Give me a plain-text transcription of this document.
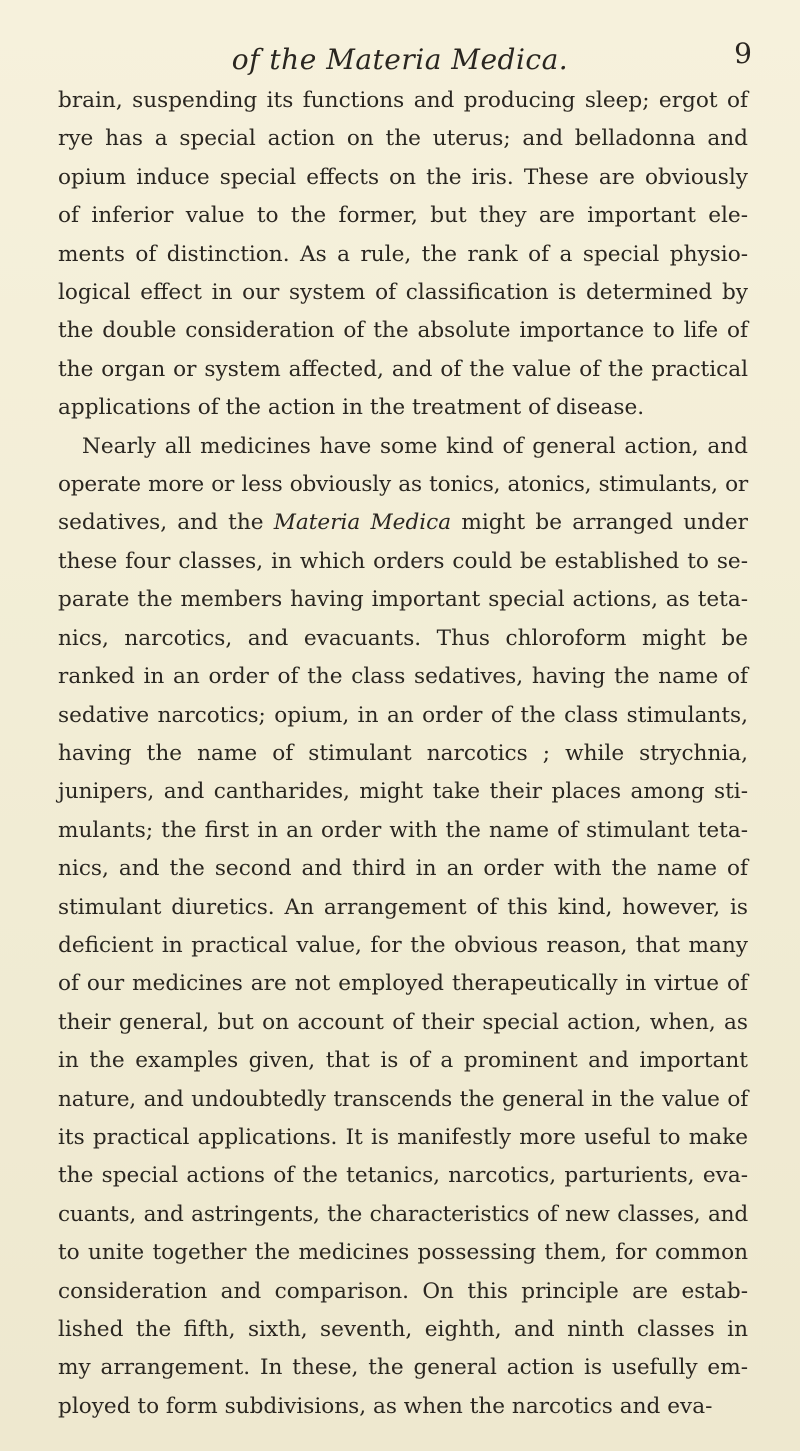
of the Materia Medica.	9

brain, suspending its functions and producing sleep; ergot of
rye has a special action on the uterus; and belladonna and
opium induce special effects on the iris. These are obviously
of inferior value to the former, but they are important ele-
ments of distinction. As a rule, the rank of a special physio-
logical effect in our system of classification is determined by
the double consideration of the absolute importance to life of
the organ or system affected, and of the value of the practical
applications of the action in the treatment of disease.

Nearly all medicines have some kind of general action, and
operate more or less obviously as tonics, atonics, stimulants, or
sedatives, and the Materia Medica might be arranged under
these four classes, in which orders could be established to se-
parate the members having important special actions, as teta-
nics, narcotics, and evacuants. Thus chloroform might be
ranked in an order of the class sedatives, having the name of
sedative narcotics; opium, in an order of the class stimulants,
having the name of stimulant narcotics ; while strychnia,
junipers, and cantharides, might take their places among sti-
mulants; the first in an order with the name of stimulant teta-
nics, and the second and third in an order with the name of
stimulant diuretics. An arrangement of this kind, however, is
deficient in practical value, for the obvious reason, that many
of our medicines are not employed therapeutically in virtue of
their general, but on account of their special action, when, as
in the examples given, that is of a prominent and important
nature, and undoubtedly transcends the general in the value of
its practical applications. It is manifestly more useful to make
the special actions of the tetanics, narcotics, parturients, eva-
cuants, and astringents, the characteristics of new classes, and
to unite together the medicines possessing them, for common
consideration and comparison. On this principle are estab-
lished the fifth, sixth, seventh, eighth, and ninth classes in
my arrangement. In these, the general action is usefully em-
ployed to form subdivisions, as when the narcotics and eva-
